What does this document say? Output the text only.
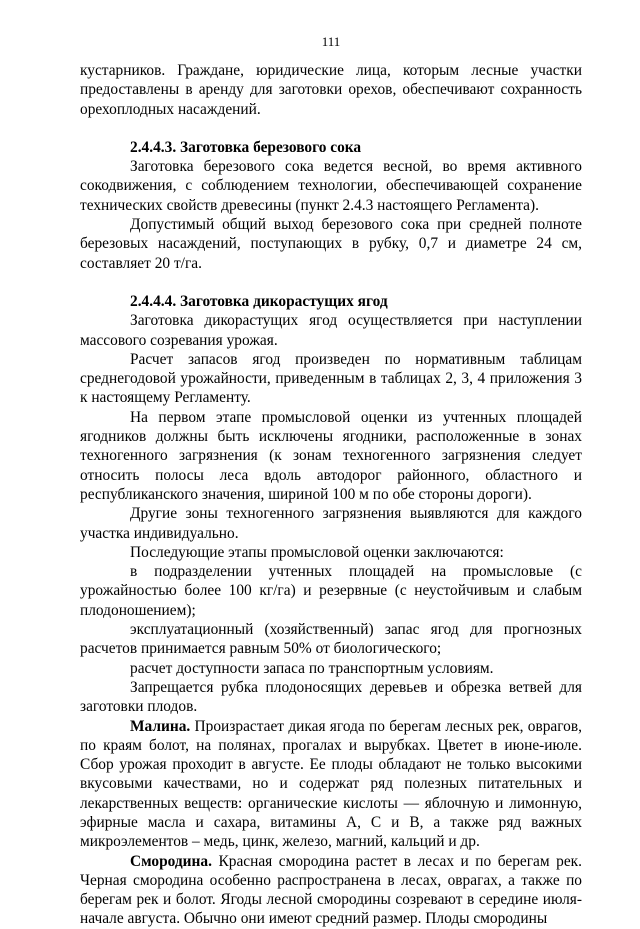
111

кустарников. Граждане, юридические лица, которым лесные участки предоставлены в аренду для заготовки орехов, обеспечивают сохранность орехоплодных насаждений.

2.4.4.3. Заготовка березового сока

Заготовка березового сока ведется весной, во время активного сокодвижения, с соблюдением технологии, обеспечивающей сохранение технических свойств древесины (пункт 2.4.3 настоящего Регламента).

Допустимый общий выход березового сока при средней полноте березовых насаждений, поступающих в рубку, 0,7 и диаметре 24 см, составляет 20 т/га.

2.4.4.4. Заготовка дикорастущих ягод

Заготовка дикорастущих ягод осуществляется при наступлении массового созревания урожая.

Расчет запасов ягод произведен по нормативным таблицам среднегодовой урожайности, приведенным в таблицах 2, 3, 4 приложения 3 к настоящему Регламенту.

На первом этапе промысловой оценки из учтенных площадей ягодников должны быть исключены ягодники, расположенные в зонах техногенного загрязнения (к зонам техногенного загрязнения следует относить полосы леса вдоль автодорог районного, областного и республиканского значения, шириной 100 м по обе стороны дороги).

Другие зоны техногенного загрязнения выявляются для каждого участка индивидуально.

Последующие этапы промысловой оценки заключаются:

в подразделении учтенных площадей на промысловые (с урожайностью более 100 кг/га) и резервные (с неустойчивым и слабым плодоношением);

эксплуатационный (хозяйственный) запас ягод для прогнозных расчетов принимается равным 50% от биологического;

расчет доступности запаса по транспортным условиям.

Запрещается рубка плодоносящих деревьев и обрезка ветвей для заготовки плодов.

Малина. Произрастает дикая ягода по берегам лесных рек, оврагов, по краям болот, на полянах, прогалах и вырубках. Цветет в июне-июле. Сбор урожая проходит в августе. Ее плоды обладают не только высокими вкусовыми качествами, но и содержат ряд полезных питательных и лекарственных веществ: органические кислоты — яблочную и лимонную, эфирные масла и сахара, витамины А, С и В, а также ряд важных микроэлементов – медь, цинк, железо, магний, кальций и др.

Смородина. Красная смородина растет в лесах и по берегам рек. Черная смородина особенно распространена в лесах, оврагах, а также по берегам рек и болот. Ягоды лесной смородины созревают в середине июля- начале августа. Обычно они имеют средний размер. Плоды смородины
